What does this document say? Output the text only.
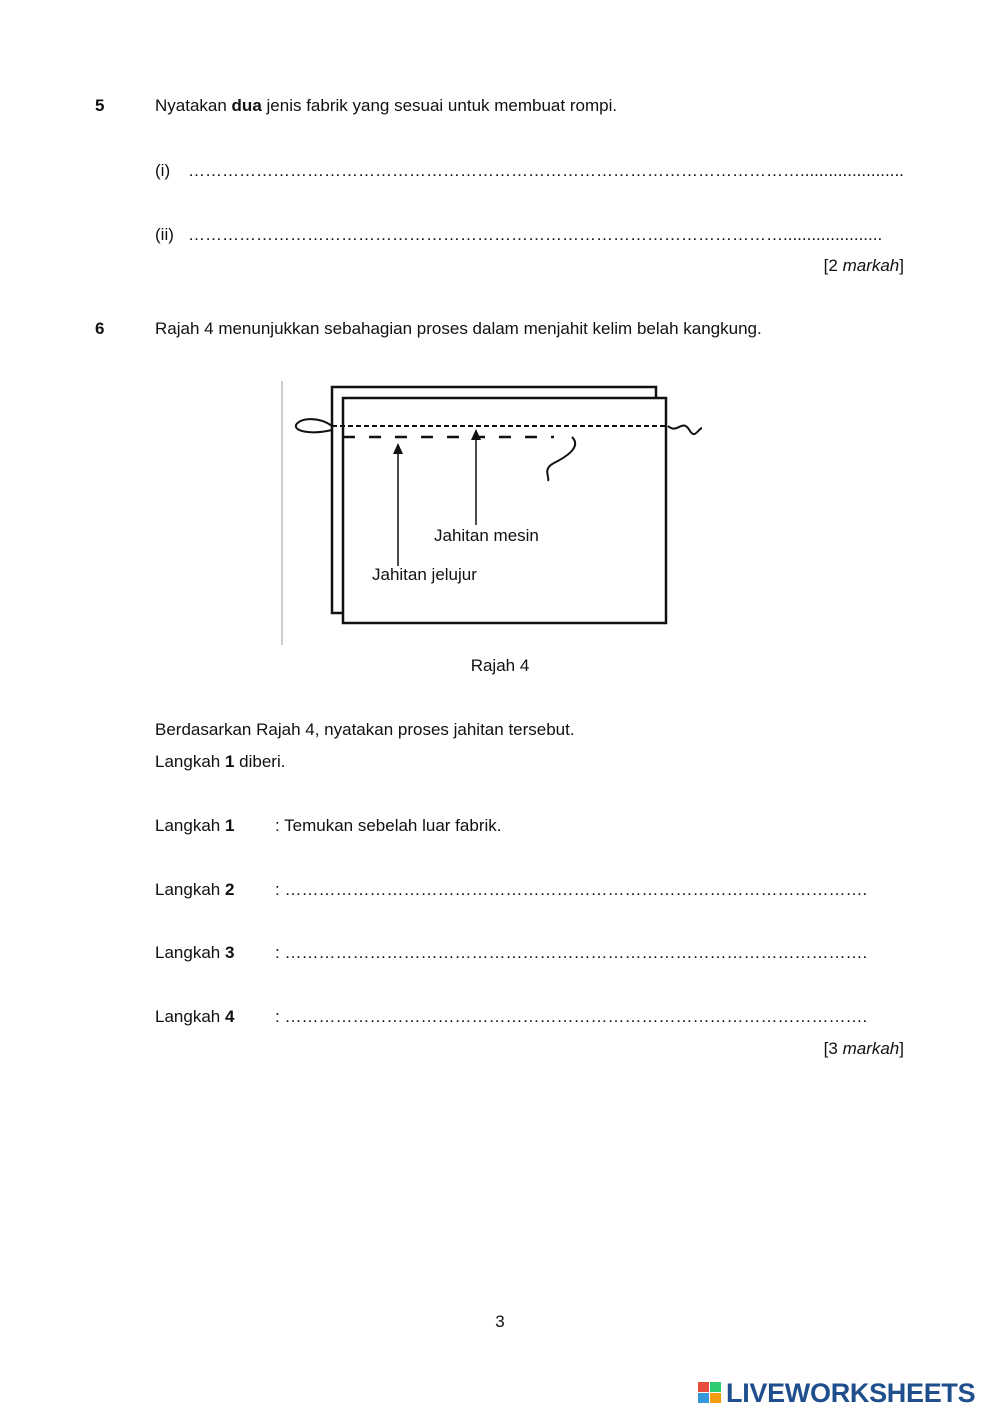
5	Nyatakan dua jenis fabrik yang sesuai untuk membuat rompi.
(i) ………………………………………………………………………………………………......................
(ii) …………………………………………………………………………………………….....................
[2 markah]
6	Rajah 4 menunjukkan sebahagian proses dalam menjahit kelim belah kangkung.
Jahitan mesin
Jahitan jelujur
Rajah 4
Berdasarkan Rajah 4, nyatakan proses jahitan tersebut.
Langkah 1 diberi.
Langkah 1 : Temukan sebelah luar fabrik.
Langkah 2 : ………………………………………………………………………………………….
Langkah 3 : ………………………………………………………………………………………….
Langkah 4 : ………………………………………………………………………………………….
[3 markah]
3
LIVEWORKSHEETS
